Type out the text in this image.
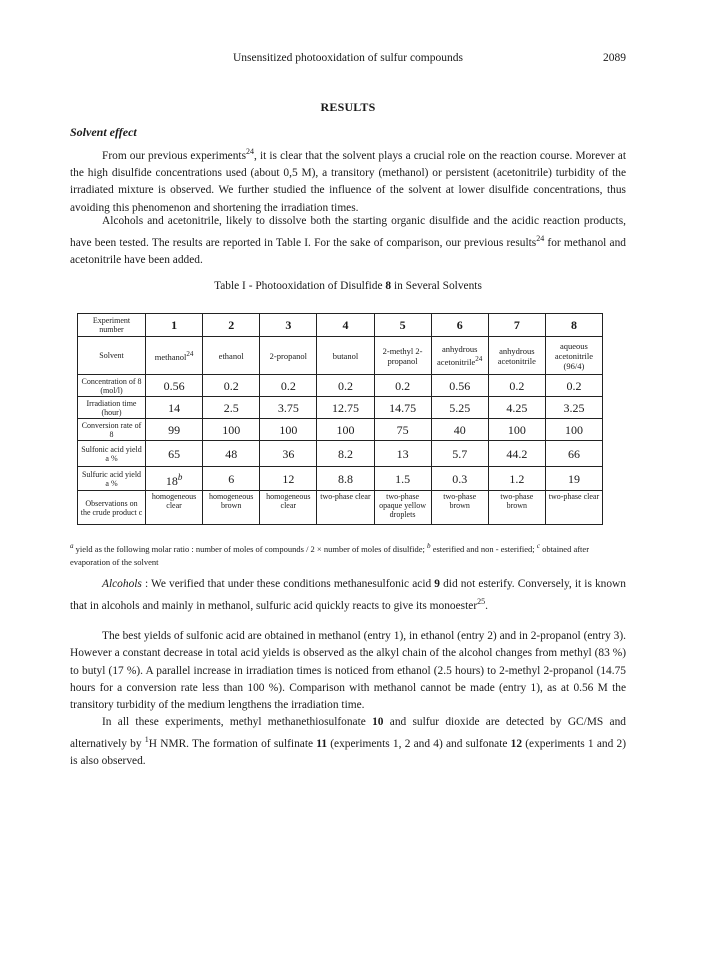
Unsensitized photooxidation of sulfur compounds	2089
RESULTS
Solvent effect

From our previous experiments$^{24}$, it is clear that the solvent plays a crucial role on the reaction course. Morever at the high disulfide concentrations used (about 0,5 M), a transitory (methanol) or persistent (acetonitrile) turbidity of the irradiated mixture is observed. We further studied the influence of the solvent at lower disulfide concentrations, thus avoiding this phenomenon and shortening the irradiation times.

Alcohols and acetonitrile, likely to dissolve both the starting organic disulfide and the acidic reaction products, have been tested. The results are reported in Table I. For the sake of comparison, our previous results$^{24}$ for methanol and acetonitrile have been added.

Table I - Photooxidation of Disulfide 8 in Several Solvents
Experiment number	1	2	3	4	5	6	7	8
Solvent	methanol$^{24}$	ethanol	2-propanol	butanol	2-methyl 2-propanol	anhydrous acetonitrile$^{24}$	anhydrous acetonitrile	aqueous acetonitrile (96/4)
Concentration of 8 (mol/l)	0.56	0.2	0.2	0.2	0.2	0.56	0.2	0.2
Irradiation time (hour)	14	2.5	3.75	12.75	14.75	5.25	4.25	3.25
Conversion rate of 8	99	100	100	100	75	40	100	100
Sulfonic acid yield a %	65	48	36	8.2	13	5.7	44.2	66
Sulfuric acid yield a %	18$^b$	6	12	8.8	1.5	0.3	1.2	19
Observations on the crude product c	homogeneous clear	homogeneous brown	homogeneous clear	two-phase clear	two-phase opaque yellow droplets	two-phase brown	two-phase brown	two-phase clear

$^a$ yield as the following molar ratio : number of moles of compounds / 2 × number of moles of disulfide; $^b$ esterified and non - esterified; $^c$ obtained after evaporation of the solvent

Alcohols : We verified that under these conditions methanesulfonic acid 9 did not esterify. Conversely, it is known that in alcohols and mainly in methanol, sulfuric acid quickly reacts to give its monoester$^{25}$.

The best yields of sulfonic acid are obtained in methanol (entry 1), in ethanol (entry 2) and in 2-propanol (entry 3). However a constant decrease in total acid yields is observed as the alkyl chain of the alcohol changes from methyl (83 %) to butyl (17 %). A parallel increase in irradiation times is noticed from ethanol (2.5 hours) to 2-methyl 2-propanol (14.75 hours for a conversion rate less than 100 %). Comparison with methanol cannot be made (entry 1), as at 0.56 M the transitory turbidity of the medium lengthens the irradiation time.

In all these experiments, methyl methanethiosulfonate 10 and sulfur dioxide are detected by GC/MS and alternatively by $^1$H NMR. The formation of sulfinate 11 (experiments 1, 2 and 4) and sulfonate 12 (experiments 1 and 2) is also observed.
